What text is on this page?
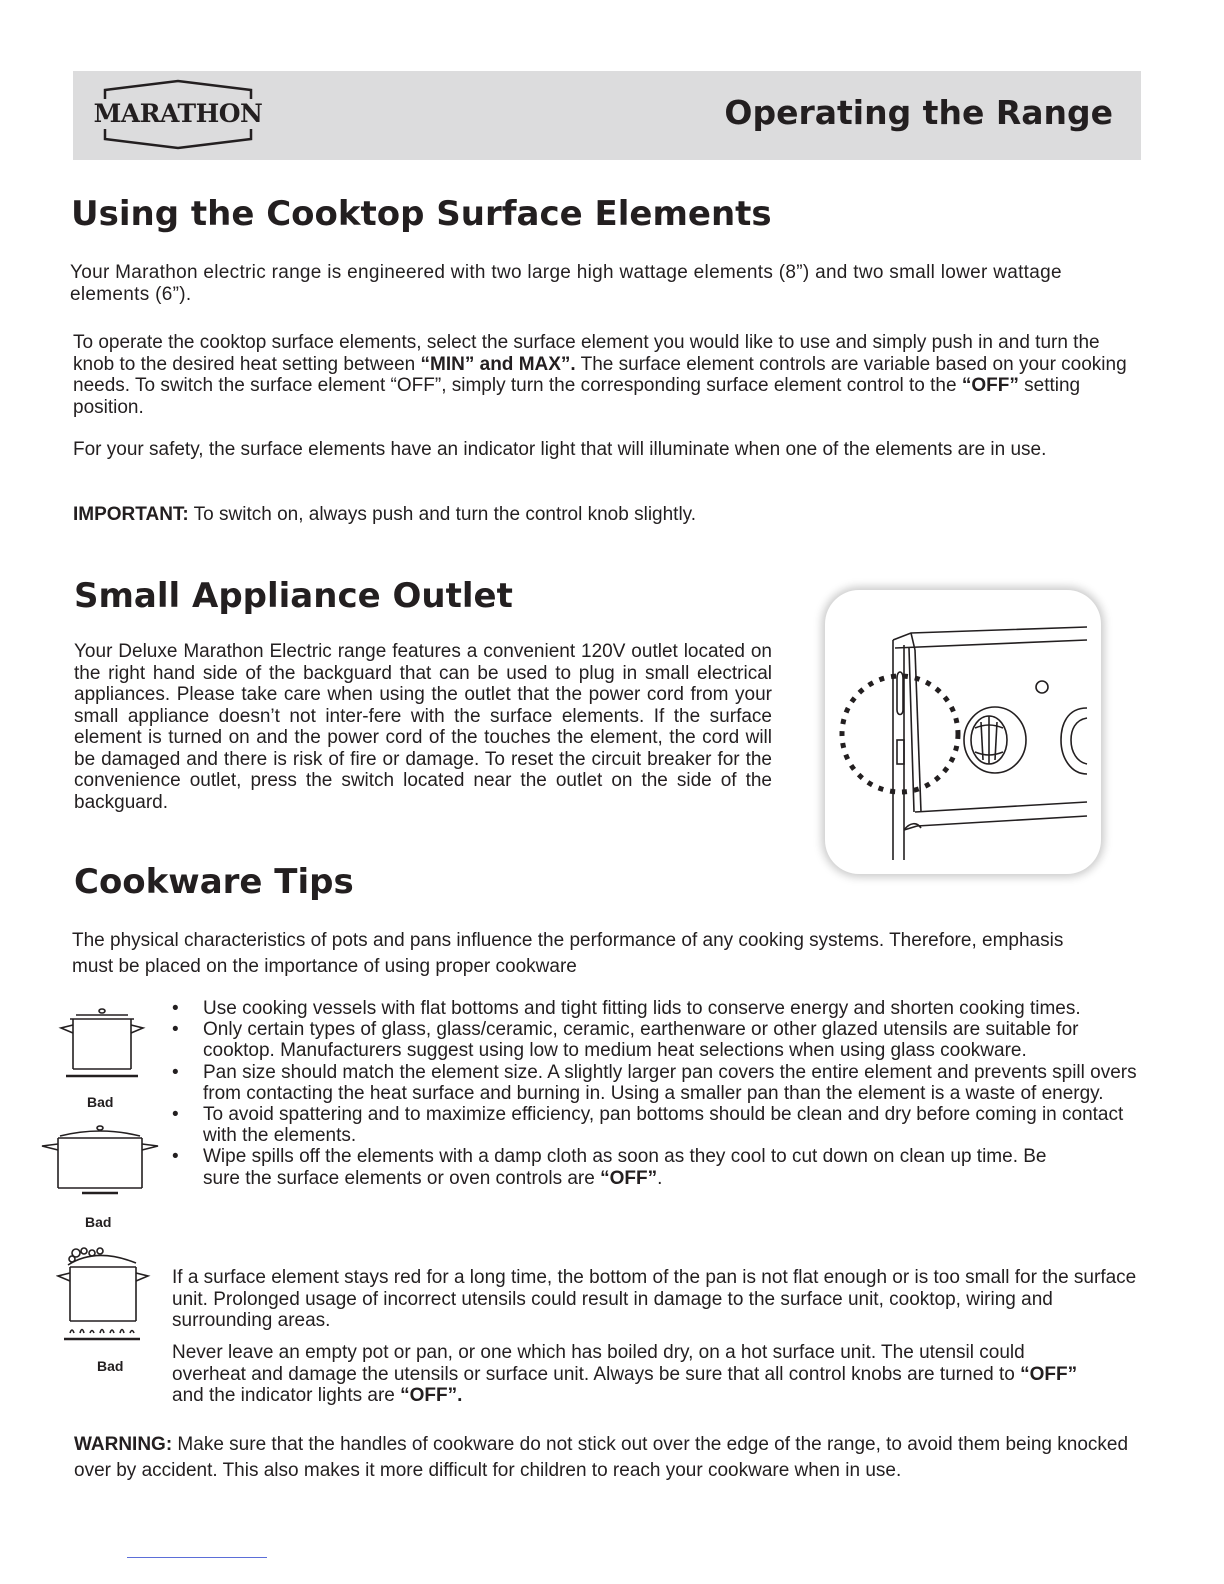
MARATHON	Operating the Range
Using the Cooktop Surface Elements

Your Marathon electric range is engineered with two large high wattage elements (8”) and two small lower wattage elements (6”).

To operate the cooktop surface elements, select the surface element you would like to use and simply push in and turn the knob to the desired heat setting between “MIN” and MAX”. The surface element controls are variable based on your cooking needs. To switch the surface element “OFF”, simply turn the corresponding surface element control to the “OFF” setting position.

For your safety, the surface elements have an indicator light that will illuminate when one of the elements are in use.

IMPORTANT: To switch on, always push and turn the control knob slightly.

Small Appliance Outlet

Your Deluxe Marathon Electric range features a convenient 120V outlet located on the right hand side of the backguard that can be used to plug in small electrical appliances. Please take care when using the outlet that the power cord from your small appliance doesn’t not inter-fere with the surface elements. If the surface element is turned on and the power cord of the touches the element, the cord will be damaged and there is risk of fire or damage. To reset the circuit breaker for the convenience outlet, press the switch located near the outlet on the side of the backguard.

Cookware Tips

The physical characteristics of pots and pans influence the performance of any cooking systems. Therefore, emphasis must be placed on the importance of using proper cookware

• Use cooking vessels with flat bottoms and tight fitting lids to conserve energy and shorten cooking times.
• Only certain types of glass, glass/ceramic, ceramic, earthenware or other glazed utensils are suitable for cooktop. Manufacturers suggest using low to medium heat selections when using glass cookware.
• Pan size should match the element size. A slightly larger pan covers the entire element and prevents spill overs from contacting the heat surface and burning in. Using a smaller pan than the element is a waste of energy.
• To avoid spattering and to maximize efficiency, pan bottoms should be clean and dry before coming in contact with the elements.
• Wipe spills off the elements with a damp cloth as soon as they cool to cut down on clean up time. Be sure the surface elements or oven controls are “OFF”.

If a surface element stays red for a long time, the bottom of the pan is not flat enough or is too small for the surface unit. Prolonged usage of incorrect utensils could result in damage to the surface unit, cooktop, wiring and surrounding areas.

Never leave an empty pot or pan, or one which has boiled dry, on a hot surface unit. The utensil could overheat and damage the utensils or surface unit. Always be sure that all control knobs are turned to “OFF” and the indicator lights are “OFF”.

Bad
Bad
Bad

WARNING: Make sure that the handles of cookware do not stick out over the edge of the range, to avoid them being knocked over by accident. This also makes it more difficult for children to reach your cookware when in use.
